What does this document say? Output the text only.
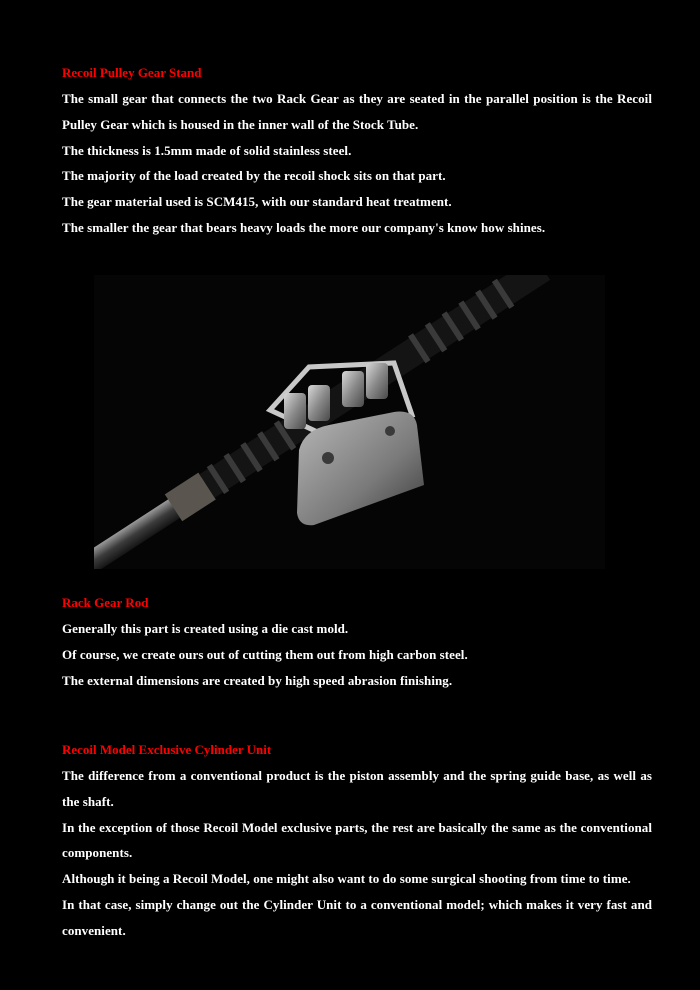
Recoil Pulley Gear Stand

The small gear that connects the two Rack Gear as they are seated in the parallel position is the Recoil Pulley Gear which is housed in the inner wall of the Stock Tube.

The thickness is 1.5mm made of solid stainless steel.

The majority of the load created by the recoil shock sits on that part.

The gear material used is SCM415, with our standard heat treatment.

The smaller the gear that bears heavy loads the more our company's know how shines.

Rack Gear Rod

Generally this part is created using a die cast mold.

Of course, we create ours out of cutting them out from high carbon steel.

The external dimensions are created by high speed abrasion finishing.

Recoil Model Exclusive Cylinder Unit

The difference from a conventional product is the piston assembly and the spring guide base, as well as the shaft.

In the exception of those Recoil Model exclusive parts, the rest are basically the same as the conventional components.

Although it being a Recoil Model, one might also want to do some surgical shooting from time to time.

In that case, simply change out the Cylinder Unit to a conventional model; which makes it very fast and convenient.
